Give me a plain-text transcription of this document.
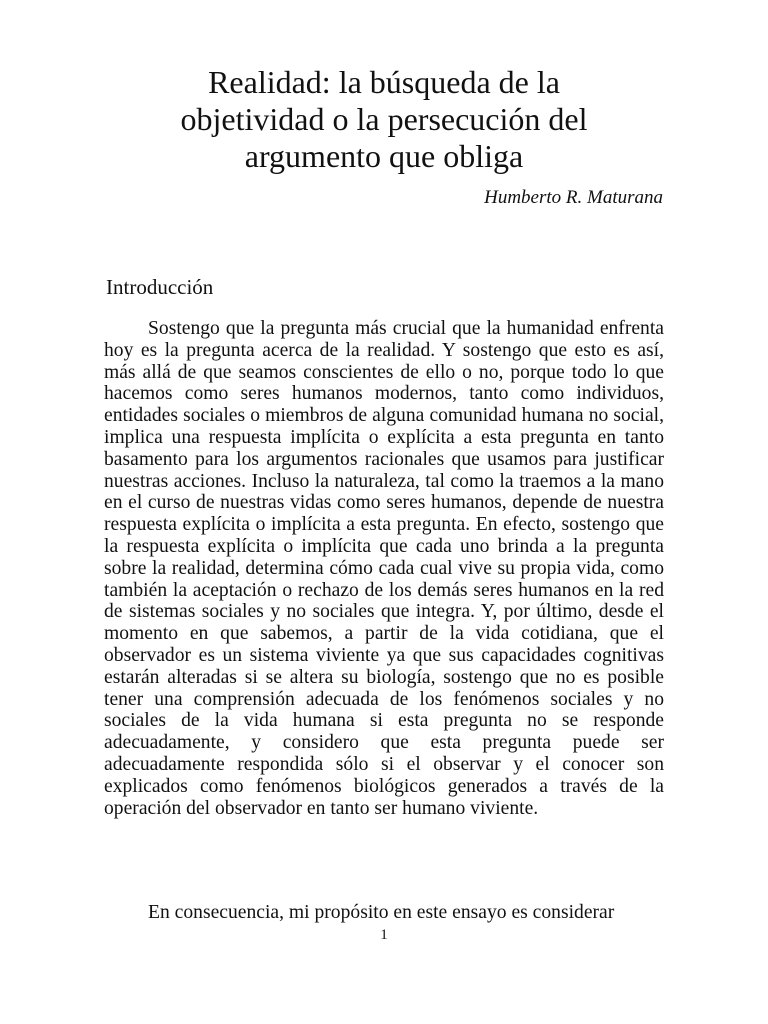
Realidad: la búsqueda de la
objetividad o la persecución del
argumento que obliga

Humberto R. Maturana

Introducción

Sostengo que la pregunta más crucial que la humanidad enfrenta hoy es la pregunta acerca de la realidad. Y sostengo que esto es así, más allá de que seamos conscientes de ello o no, porque todo lo que hacemos como seres humanos modernos, tanto como individuos, entidades sociales o miembros de alguna comunidad humana no social, implica una respuesta implícita o explícita a esta pregunta en tanto basamento para los argumentos racionales que usamos para justificar nuestras acciones. Incluso la naturaleza, tal como la traemos a la mano en el curso de nuestras vidas como seres humanos, depende de nuestra respuesta explícita o implícita a esta pregunta. En efecto, sostengo que la respuesta explícita o implícita que cada uno brinda a la pregunta sobre la realidad, determina cómo cada cual vive su propia vida, como también la aceptación o rechazo de los demás seres humanos en la red de sistemas sociales y no sociales que integra. Y, por último, desde el momento en que sabemos, a partir de la vida cotidiana, que el observador es un sistema viviente ya que sus capacidades cognitivas estarán alteradas si se altera su biología, sostengo que no es posible tener una comprensión adecuada de los fenómenos sociales y no sociales de la vida humana si esta pregunta no se responde adecuadamente, y considero que esta pregunta puede ser adecuadamente respondida sólo si el observar y el conocer son explicados como fenómenos biológicos generados a través de la operación del observador en tanto ser humano viviente.

En consecuencia, mi propósito en este ensayo es considerar

1
